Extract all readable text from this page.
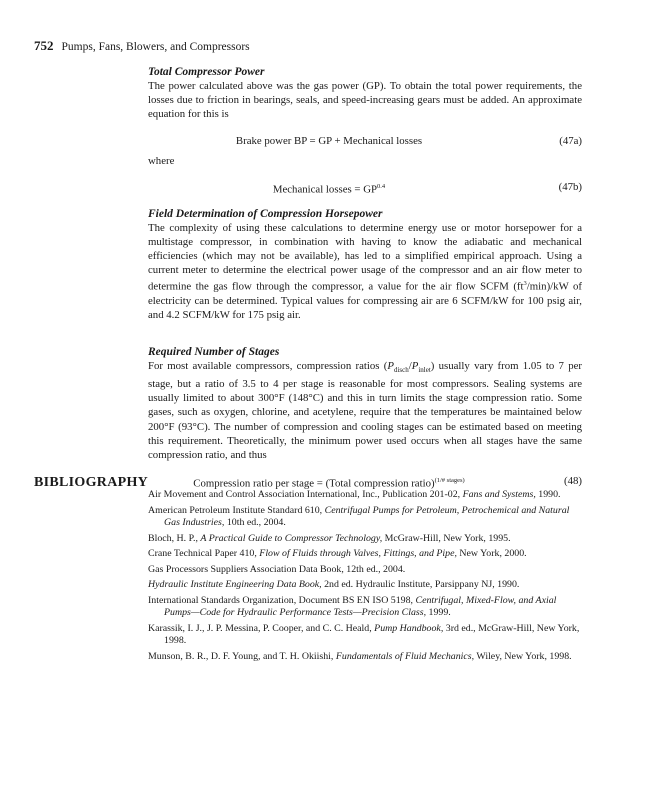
752 Pumps, Fans, Blowers, and Compressors
Total Compressor Power

The power calculated above was the gas power (GP). To obtain the total power requirements, the losses due to friction in bearings, seals, and speed-increasing gears must be added. An approximate equation for this is

Brake power BP = GP + Mechanical losses	(47a)
where
Mechanical losses = $GP^{0.4}$	(47b)
Field Determination of Compression Horsepower

The complexity of using these calculations to determine energy use or motor horsepower for a multistage compressor, in combination with having to know the adiabatic and mechanical efficiencies (which may not be available), has led to a simplified empirical approach. Using a current meter to determine the electrical power usage of the compressor and an air flow meter to determine the gas flow through the compressor, a value for the air flow SCFM $(ft^3/\min)/kW$ of electricity can be determined. Typical values for compressing air are 6 SCFM/kW for 100 psig air, and 4.2 SCFM/kW for 175 psig air.

Required Number of Stages

For most available compressors, compression ratios $(P_{disch}/P_{inlet})$ usually vary from 1.05 to 7 per stage, but a ratio of 3.5 to 4 per stage is reasonable for most compressors. Sealing systems are usually limited to about 300°F (148°C) and this in turn limits the stage compression ratio. Some gases, such as oxygen, chlorine, and acetylene, require that the temperatures be maintained below 200°F (93°C). The number of compression and cooling stages can be estimated based on meeting this requirement. Theoretically, the minimum power used occurs when all stages have the same compression ratio, and thus

Compression ratio per stage = (Total compression ratio)$^{(1/\# stages)}$	(48)
BIBLIOGRAPHY
Air Movement and Control Association International, Inc., Publication 201-02, Fans and Systems, 1990.
American Petroleum Institute Standard 610, Centrifugal Pumps for Petroleum, Petrochemical and Natural Gas Industries, 10th ed., 2004.
Bloch, H. P., A Practical Guide to Compressor Technology, McGraw-Hill, New York, 1995.
Crane Technical Paper 410, Flow of Fluids through Valves, Fittings, and Pipe, New York, 2000.
Gas Processors Suppliers Association Data Book, 12th ed., 2004.
Hydraulic Institute Engineering Data Book, 2nd ed. Hydraulic Institute, Parsippany NJ, 1990.
International Standards Organization, Document BS EN ISO 5198, Centrifugal, Mixed-Flow, and Axial Pumps—Code for Hydraulic Performance Tests—Precision Class, 1999.
Karassik, I. J., J. P. Messina, P. Cooper, and C. C. Heald, Pump Handbook, 3rd ed., McGraw-Hill, New York, 1998.
Munson, B. R., D. F. Young, and T. H. Okiishi, Fundamentals of Fluid Mechanics, Wiley, New York, 1998.
